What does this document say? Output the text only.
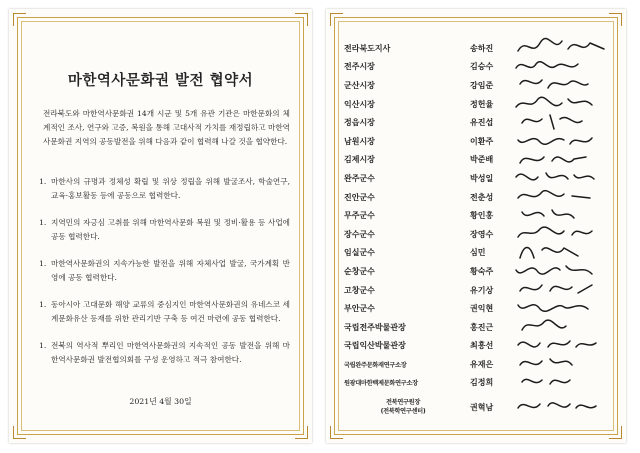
마한역사문화권 발전 협약서
전라북도와 마한역사문화권 14개 시군 및 5개 유관 기관은 마한문화의 체계적인 조사, 연구와 고증, 복원을 통해 고대사적 가치를 재정립하고 마한역사문화권 지역의 공동발전을 위해 다음과 같이 협력해 나갈 것을 협약한다.
1. 마한사의 규명과 정체성 확립 및 위상 정립을 위해 발굴조사, 학술연구, 교육·홍보활동 등에 공동으로 협력한다.
1. 지역민의 자긍심 고취를 위해 마한역사문화 복원 및 정비·활용 등 사업에 공동 협력한다.
1. 마한역사문화권의 지속가능한 발전을 위해 자체사업 발굴, 국가계획 반영에 공동 협력한다.
1. 동아시아 고대문화 해양 교류의 중심지인 마한역사문화권의 유네스코 세계문화유산 등재를 위한 관리기반 구축 등 여건 마련에 공동 협력한다.
1. 전북의 역사적 뿌리인 마한역사문화권의 지속적인 공동 발전을 위해 마한역사문화권 발전협의회를 구성 운영하고 적극 참여한다.
2021년 4월 30일
전라북도지사	송하진
전주시장	김승수
군산시장	강임준
익산시장	정헌율
정읍시장	유진섭
남원시장	이환주
김제시장	박준배
완주군수	박성일
진안군수	전춘성
무주군수	황인홍
장수군수	장영수
임실군수	심민
순창군수	황숙주
고창군수	유기상
부안군수	권익현
국립전주박물관장	홍진근
국립익산박물관장	최흥선
국립완주문화재연구소장	유재은
원광대마한백제문화연구소장	김정희
전북연구원장
(전북학연구센터)	권혁남
